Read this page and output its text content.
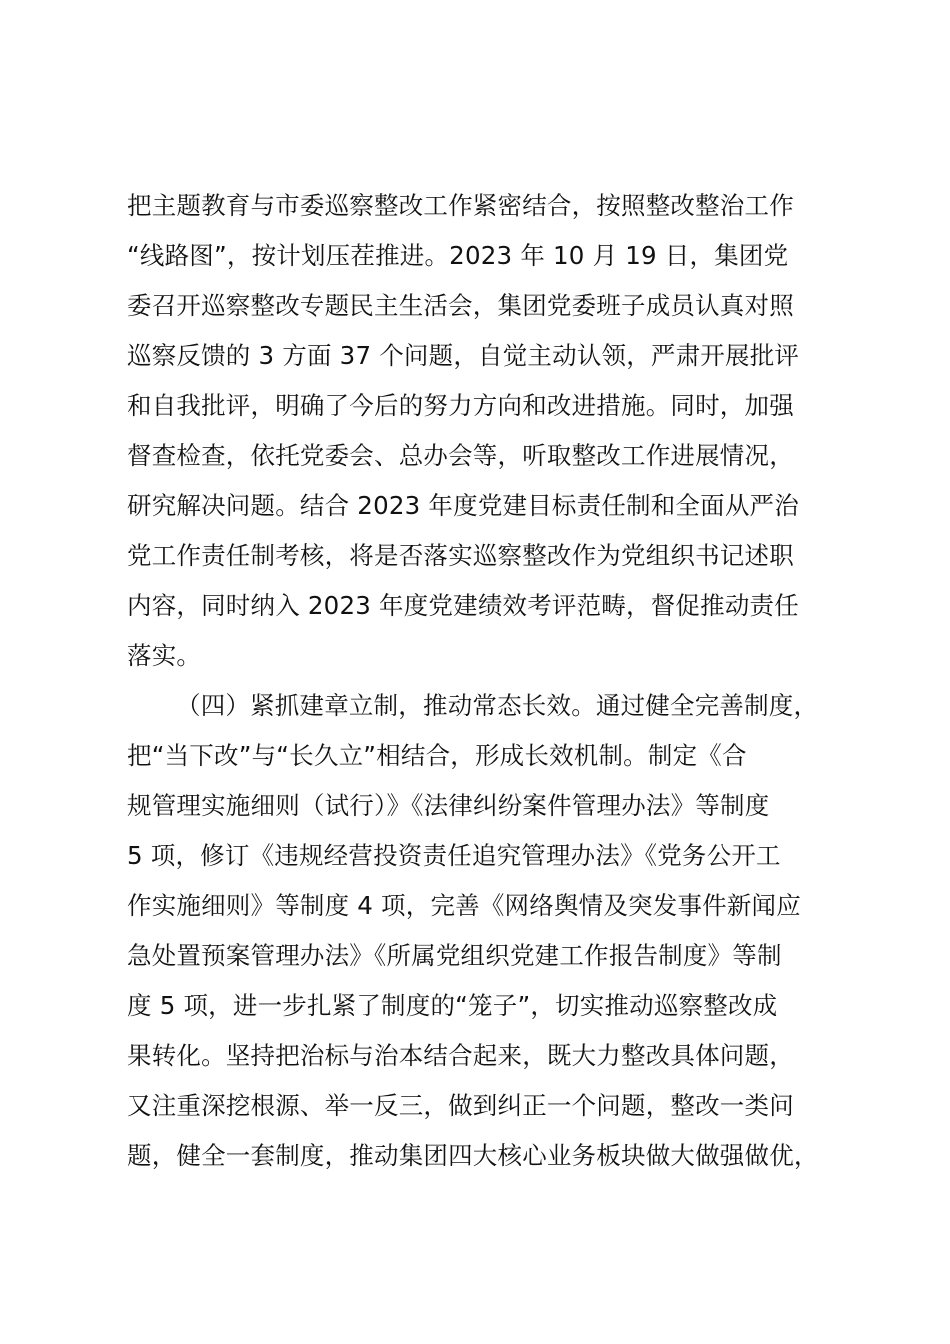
把主题教育与市委巡察整改工作紧密结合，按照整改整治工作
“线路图”，按计划压茬推进。2023 年 10 月 19 日，集团党
委召开巡察整改专题民主生活会，集团党委班子成员认真对照
巡察反馈的 3 方面 37 个问题，自觉主动认领，严肃开展批评
和自我批评，明确了今后的努力方向和改进措施。同时，加强
督查检查，依托党委会、总办会等，听取整改工作进展情况，
研究解决问题。结合 2023 年度党建目标责任制和全面从严治
党工作责任制考核，将是否落实巡察整改作为党组织书记述职
内容，同时纳入 2023 年度党建绩效考评范畴，督促推动责任
落实。
（四）紧抓建章立制，推动常态长效。通过健全完善制度，
把“当下改”与“长久立”相结合，形成长效机制。制定《合
规管理实施细则（试行）》《法律纠纷案件管理办法》等制度
5 项，修订《违规经营投资责任追究管理办法》《党务公开工
作实施细则》等制度 4 项，完善《网络舆情及突发事件新闻应
急处置预案管理办法》《所属党组织党建工作报告制度》等制
度 5 项，进一步扎紧了制度的“笼子”，切实推动巡察整改成
果转化。坚持把治标与治本结合起来，既大力整改具体问题，
又注重深挖根源、举一反三，做到纠正一个问题，整改一类问
题，健全一套制度，推动集团四大核心业务板块做大做强做优，
